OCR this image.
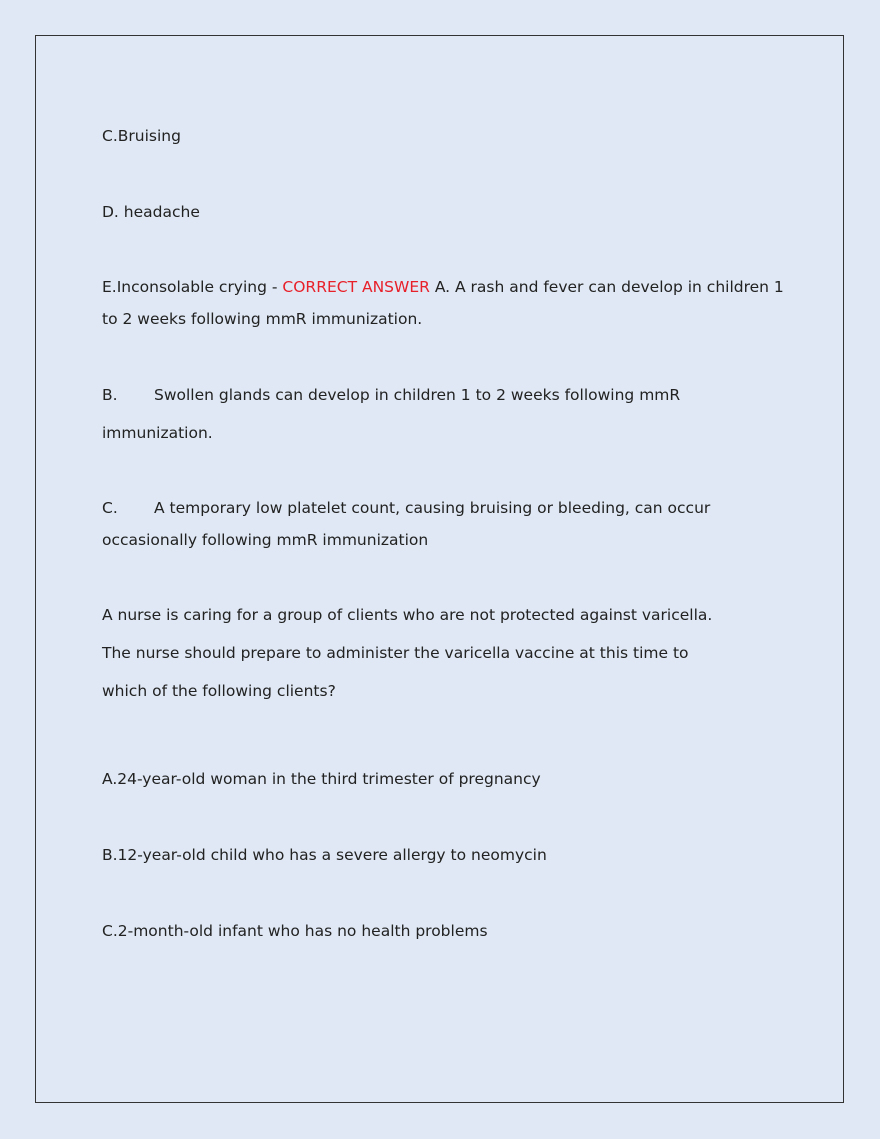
C.Bruising

D. headache

E.Inconsolable crying - CORRECT ANSWER A. A rash and fever can develop in children 1

to 2 weeks following mmR immunization.

B. Swollen glands can develop in children 1 to 2 weeks following mmR

immunization.

C. A temporary low platelet count, causing bruising or bleeding, can occur

occasionally following mmR immunization

A nurse is caring for a group of clients who are not protected against varicella.

The nurse should prepare to administer the varicella vaccine at this time to

which of the following clients?

A.24-year-old woman in the third trimester of pregnancy

B.12-year-old child who has a severe allergy to neomycin

C.2-month-old infant who has no health problems
